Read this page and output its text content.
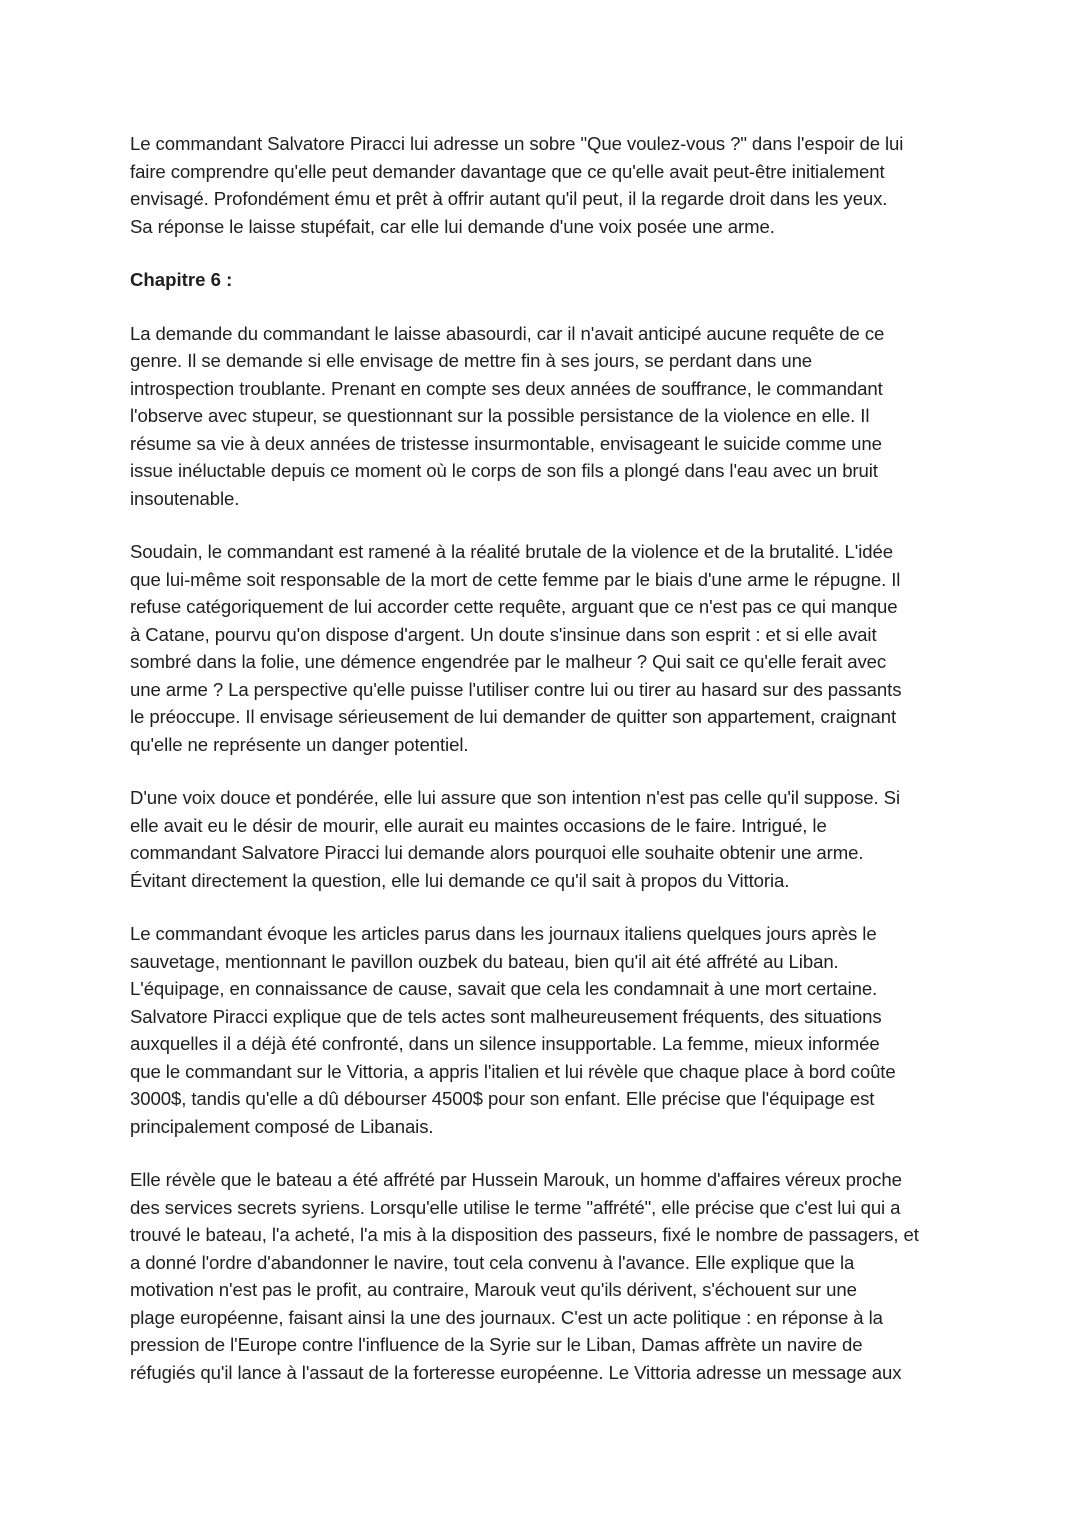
Le commandant Salvatore Piracci lui adresse un sobre "Que voulez-vous ?" dans l'espoir de lui
faire comprendre qu'elle peut demander davantage que ce qu'elle avait peut-être initialement
envisagé. Profondément ému et prêt à offrir autant qu'il peut, il la regarde droit dans les yeux.
Sa réponse le laisse stupéfait, car elle lui demande d'une voix posée une arme.

Chapitre 6 :

La demande du commandant le laisse abasourdi, car il n'avait anticipé aucune requête de ce
genre. Il se demande si elle envisage de mettre fin à ses jours, se perdant dans une
introspection troublante. Prenant en compte ses deux années de souffrance, le commandant
l'observe avec stupeur, se questionnant sur la possible persistance de la violence en elle. Il
résume sa vie à deux années de tristesse insurmontable, envisageant le suicide comme une
issue inéluctable depuis ce moment où le corps de son fils a plongé dans l'eau avec un bruit
insoutenable.

Soudain, le commandant est ramené à la réalité brutale de la violence et de la brutalité. L'idée
que lui-même soit responsable de la mort de cette femme par le biais d'une arme le répugne. Il
refuse catégoriquement de lui accorder cette requête, arguant que ce n'est pas ce qui manque
à Catane, pourvu qu'on dispose d'argent. Un doute s'insinue dans son esprit : et si elle avait
sombré dans la folie, une démence engendrée par le malheur ? Qui sait ce qu'elle ferait avec
une arme ? La perspective qu'elle puisse l'utiliser contre lui ou tirer au hasard sur des passants
le préoccupe. Il envisage sérieusement de lui demander de quitter son appartement, craignant
qu'elle ne représente un danger potentiel.

D'une voix douce et pondérée, elle lui assure que son intention n'est pas celle qu'il suppose. Si
elle avait eu le désir de mourir, elle aurait eu maintes occasions de le faire. Intrigué, le
commandant Salvatore Piracci lui demande alors pourquoi elle souhaite obtenir une arme.
Évitant directement la question, elle lui demande ce qu'il sait à propos du Vittoria.

Le commandant évoque les articles parus dans les journaux italiens quelques jours après le
sauvetage, mentionnant le pavillon ouzbek du bateau, bien qu'il ait été affrété au Liban.
L'équipage, en connaissance de cause, savait que cela les condamnait à une mort certaine.
Salvatore Piracci explique que de tels actes sont malheureusement fréquents, des situations
auxquelles il a déjà été confronté, dans un silence insupportable. La femme, mieux informée
que le commandant sur le Vittoria, a appris l'italien et lui révèle que chaque place à bord coûte
3000$, tandis qu'elle a dû débourser 4500$ pour son enfant. Elle précise que l'équipage est
principalement composé de Libanais.

Elle révèle que le bateau a été affrété par Hussein Marouk, un homme d'affaires véreux proche
des services secrets syriens. Lorsqu'elle utilise le terme "affrété", elle précise que c'est lui qui a
trouvé le bateau, l'a acheté, l'a mis à la disposition des passeurs, fixé le nombre de passagers, et
a donné l'ordre d'abandonner le navire, tout cela convenu à l'avance. Elle explique que la
motivation n'est pas le profit, au contraire, Marouk veut qu'ils dérivent, s'échouent sur une
plage européenne, faisant ainsi la une des journaux. C'est un acte politique : en réponse à la
pression de l'Europe contre l'influence de la Syrie sur le Liban, Damas affrète un navire de
réfugiés qu'il lance à l'assaut de la forteresse européenne. Le Vittoria adresse un message aux
